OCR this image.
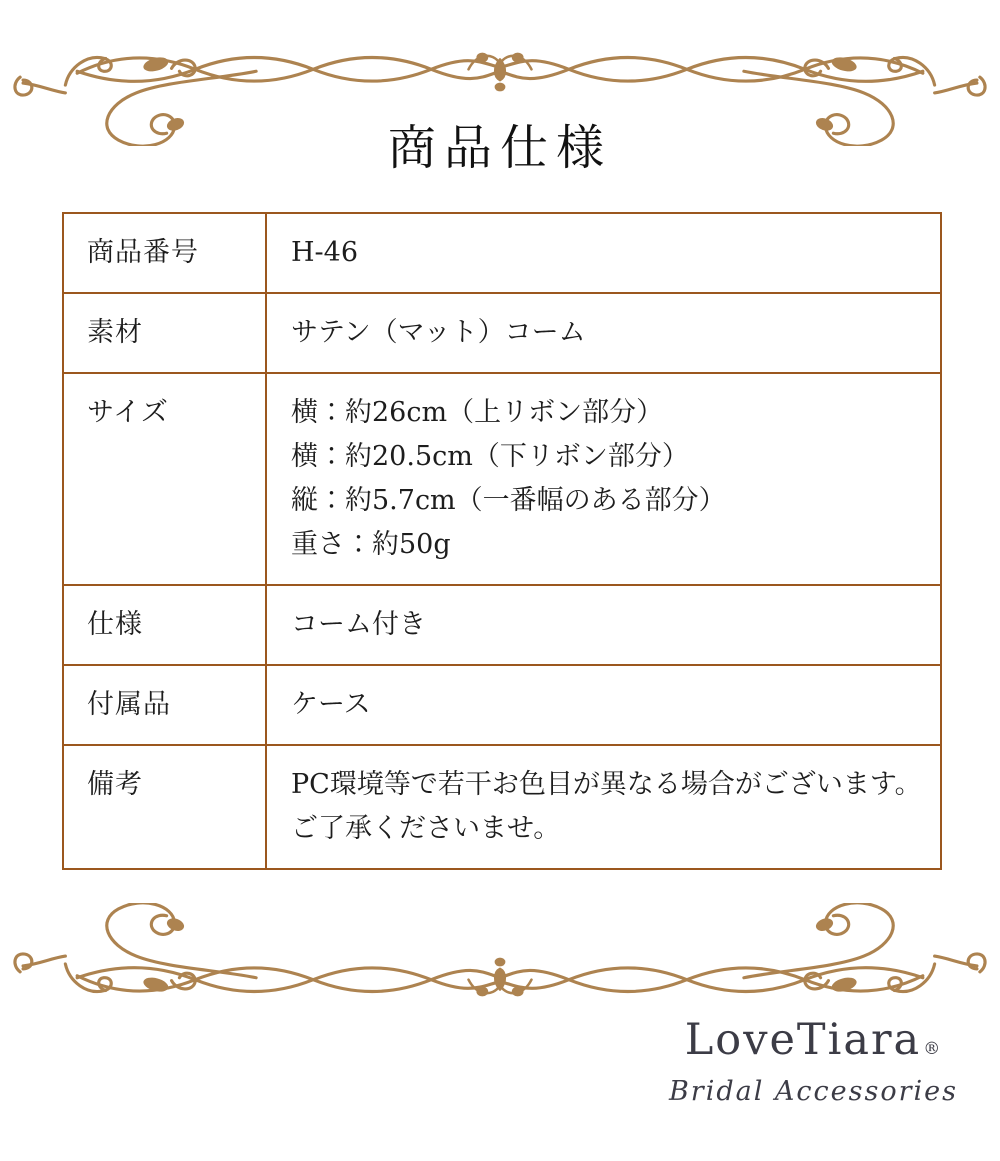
商品仕様
商品番号	H-46

素材	サテン（マット）コーム

サイズ	横：約26cm（上リボン部分）
横：約20.5cm（下リボン部分）
縦：約5.7cm（一番幅のある部分）
重さ：約50g

仕様	コーム付き

付属品	ケース

備考	PC環境等で若干お色目が異なる場合がございます。
ご了承くださいませ。
LoveTiara ®
Bridal Accessories
